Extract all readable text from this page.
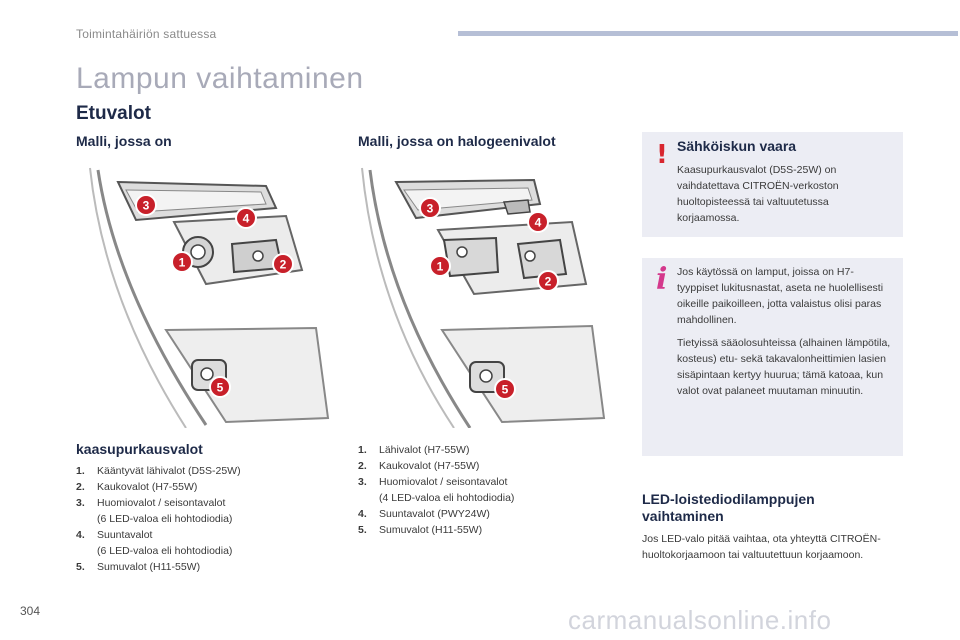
Toimintahäiriön sattuessa
Lampun vaihtaminen
Etuvalot
Malli, jossa on
3
4
1	2
5
kaasupurkausvalot
1.	Kääntyvät lähivalot (D5S-25W)
2.	Kaukovalot (H7-55W)
3.	Huomiovalot / seisontavalot
(6 LED-valoa eli hohtodiodia)
4.	Suuntavalot
(6 LED-valoa eli hohtodiodia)
5.	Sumuvalot (H11-55W)
Malli, jossa on halogeenivalot
3
4
1
2
5
1.	Lähivalot (H7-55W)
2.	Kaukovalot (H7-55W)
3.	Huomiovalot / seisontavalot
(4 LED-valoa eli hohtodiodia)
4.	Suuntavalot (PWY24W)
5.	Sumuvalot (H11-55W)
! Sähköiskun vaara
Kaasupurkausvalot (D5S-25W) on vaihdatettava CITROËN-verkoston huoltopisteessä tai valtuutetussa korjaamossa.
i Jos käytössä on lamput, joissa on H7-tyyppiset lukitusnastat, aseta ne huolellisesti oikeille paikoilleen, jotta valaistus olisi paras mahdollinen.
Tietyissä sääolosuhteissa (alhainen lämpötila, kosteus) etu- sekä takavalonheittimien lasien sisäpintaan kertyy huurua; tämä katoaa, kun valot ovat palaneet muutaman minuutin.
LED-loistediodilamppujen vaihtaminen
Jos LED-valo pitää vaihtaa, ota yhteyttä CITROËN-huoltokorjaamoon tai valtuutettuun korjaamoon.
304	carmanualsonline.info
